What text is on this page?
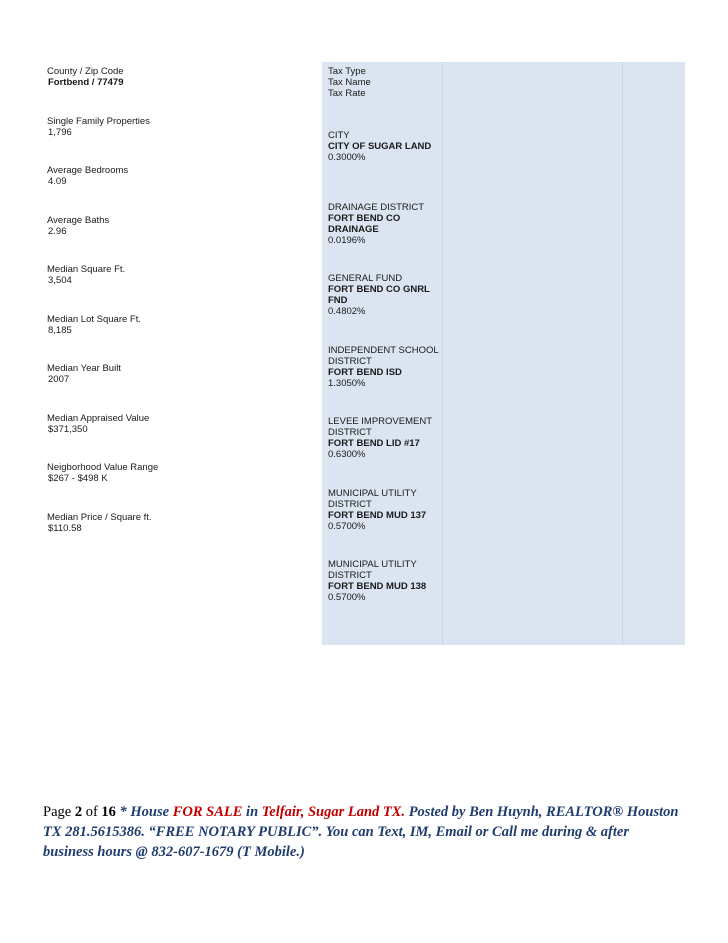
County / Zip Code
Fortbend / 77479
Single Family Properties
1,796
Average Bedrooms
4.09
Average Baths
2.96
Median Square Ft.
3,504
Median Lot Square Ft.
8,185
Median Year Built
2007
Median Appraised Value
$371,350
Neigborhood Value Range
$267 - $498 K
Median Price / Square ft.
$110.58
Tax Type
Tax Name
Tax Rate
CITY
CITY OF SUGAR LAND
0.3000%
DRAINAGE DISTRICT
FORT BEND CO DRAINAGE
0.0196%
GENERAL FUND
FORT BEND CO GNRL FND
0.4802%
INDEPENDENT SCHOOL DISTRICT
FORT BEND ISD
1.3050%
LEVEE IMPROVEMENT DISTRICT
FORT BEND LID #17
0.6300%
MUNICIPAL UTILITY DISTRICT
FORT BEND MUD 137
0.5700%
MUNICIPAL UTILITY DISTRICT
FORT BEND MUD 138
0.5700%
Page 2 of 16 * House FOR SALE in Telfair, Sugar Land TX. Posted by Ben Huynh, REALTOR® Houston TX 281.5615386. “FREE NOTARY PUBLIC”. You can Text, IM, Email or Call me during & after business hours @ 832-607-1679 (T Mobile.)
